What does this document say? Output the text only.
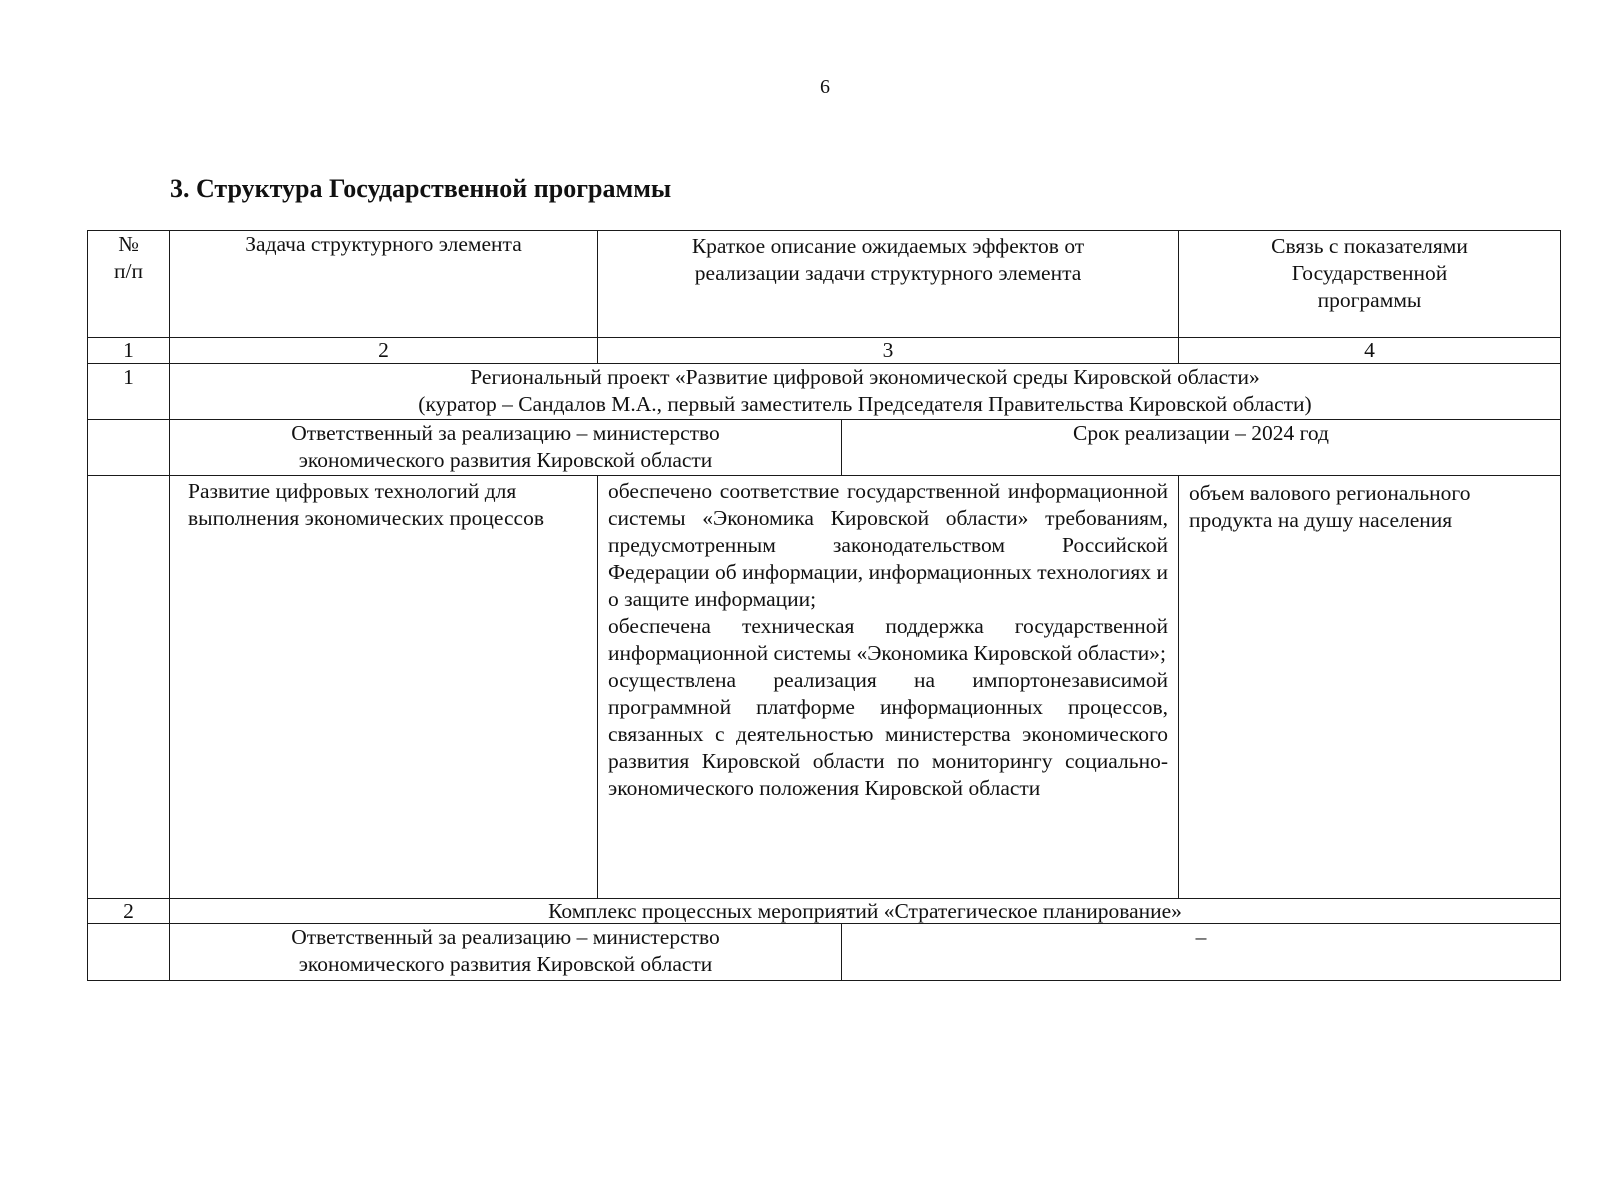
6
3. Структура Государственной программы
№
п/п	Задача структурного элемента	Краткое описание ожидаемых эффектов от реализации задачи структурного элемента		Связь с показателями Государственной программы

1	2	3		4
1	Региональный проект «Развитие цифровой экономической среды Кировской области»
(куратор – Сандалов М.А., первый заместитель Председателя Правительства Кировской области)			

	Ответственный за реализацию – министерство экономического развития Кировской области		Срок реализации – 2024 год	

	Развитие цифровых технологий для выполнения экономических процессов	обеспечено соответствие государственной информационной системы «Экономика Кировской области» требованиям, предусмотренным законодательством Российской Федерации об информации, информационных технологиях и о защите информации;

обеспечена техническая поддержка государственной информационной системы «Экономика Кировской области»;

осуществлена реализация на импортонезависимой программной платформе информационных процессов, связанных с деятельностью министерства экономического развития Кировской области по мониторингу социально-экономического положения Кировской области		объем валового регионального продукта на душу населения

2	Комплекс процессных мероприятий «Стратегическое планирование»			

	Ответственный за реализацию – министерство экономического развития Кировской области		–	
